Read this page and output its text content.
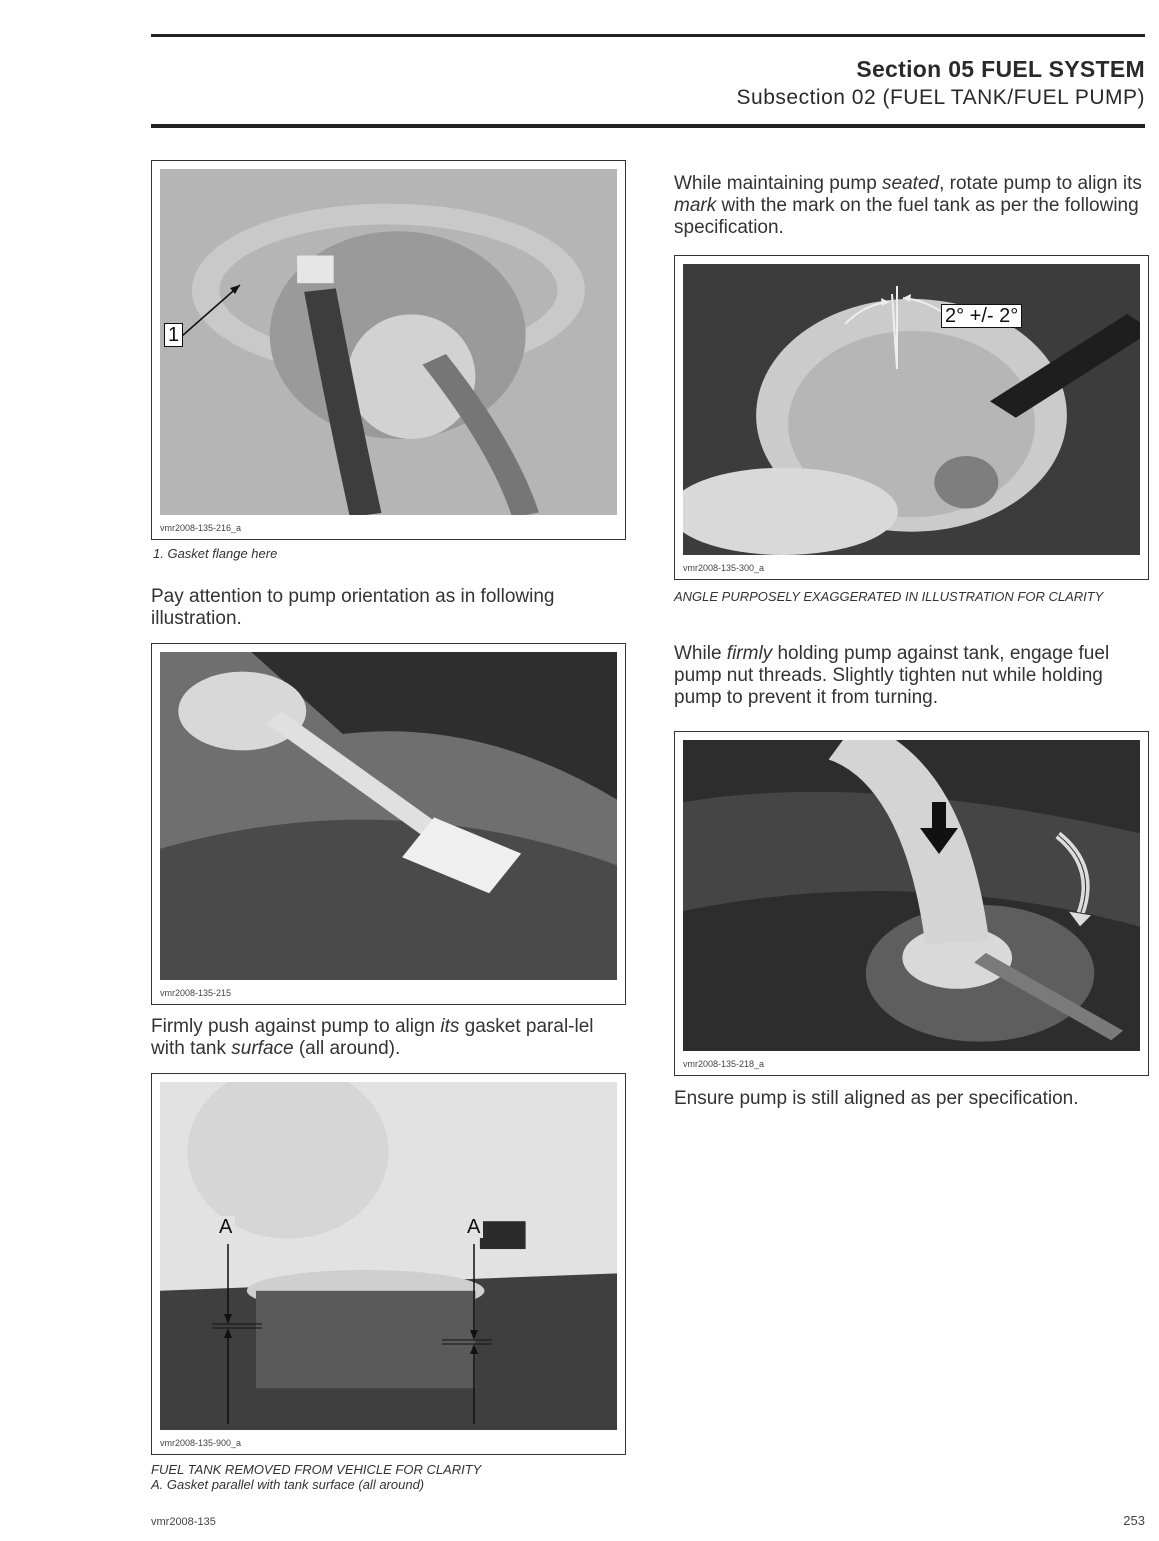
Section 05 FUEL SYSTEM
Subsection 02 (FUEL TANK/FUEL PUMP)
1
vmr2008-135-216_a
1. Gasket flange here
Pay attention to pump orientation as in following illustration.
vmr2008-135-215
Firmly push against pump to align its gasket paral-lel with tank surface (all around).
A	A
vmr2008-135-900_a
FUEL TANK REMOVED FROM VEHICLE FOR CLARITY
A. Gasket parallel with tank surface (all around)
While maintaining pump seated, rotate pump to align its mark with the mark on the fuel tank as per the following specification.
2° +/- 2°
vmr2008-135-300_a
ANGLE PURPOSELY EXAGGERATED IN ILLUSTRATION FOR CLARITY
While firmly holding pump against tank, engage fuel pump nut threads. Slightly tighten nut while holding pump to prevent it from turning.
vmr2008-135-218_a
Ensure pump is still aligned as per specification.
vmr2008-135	253
